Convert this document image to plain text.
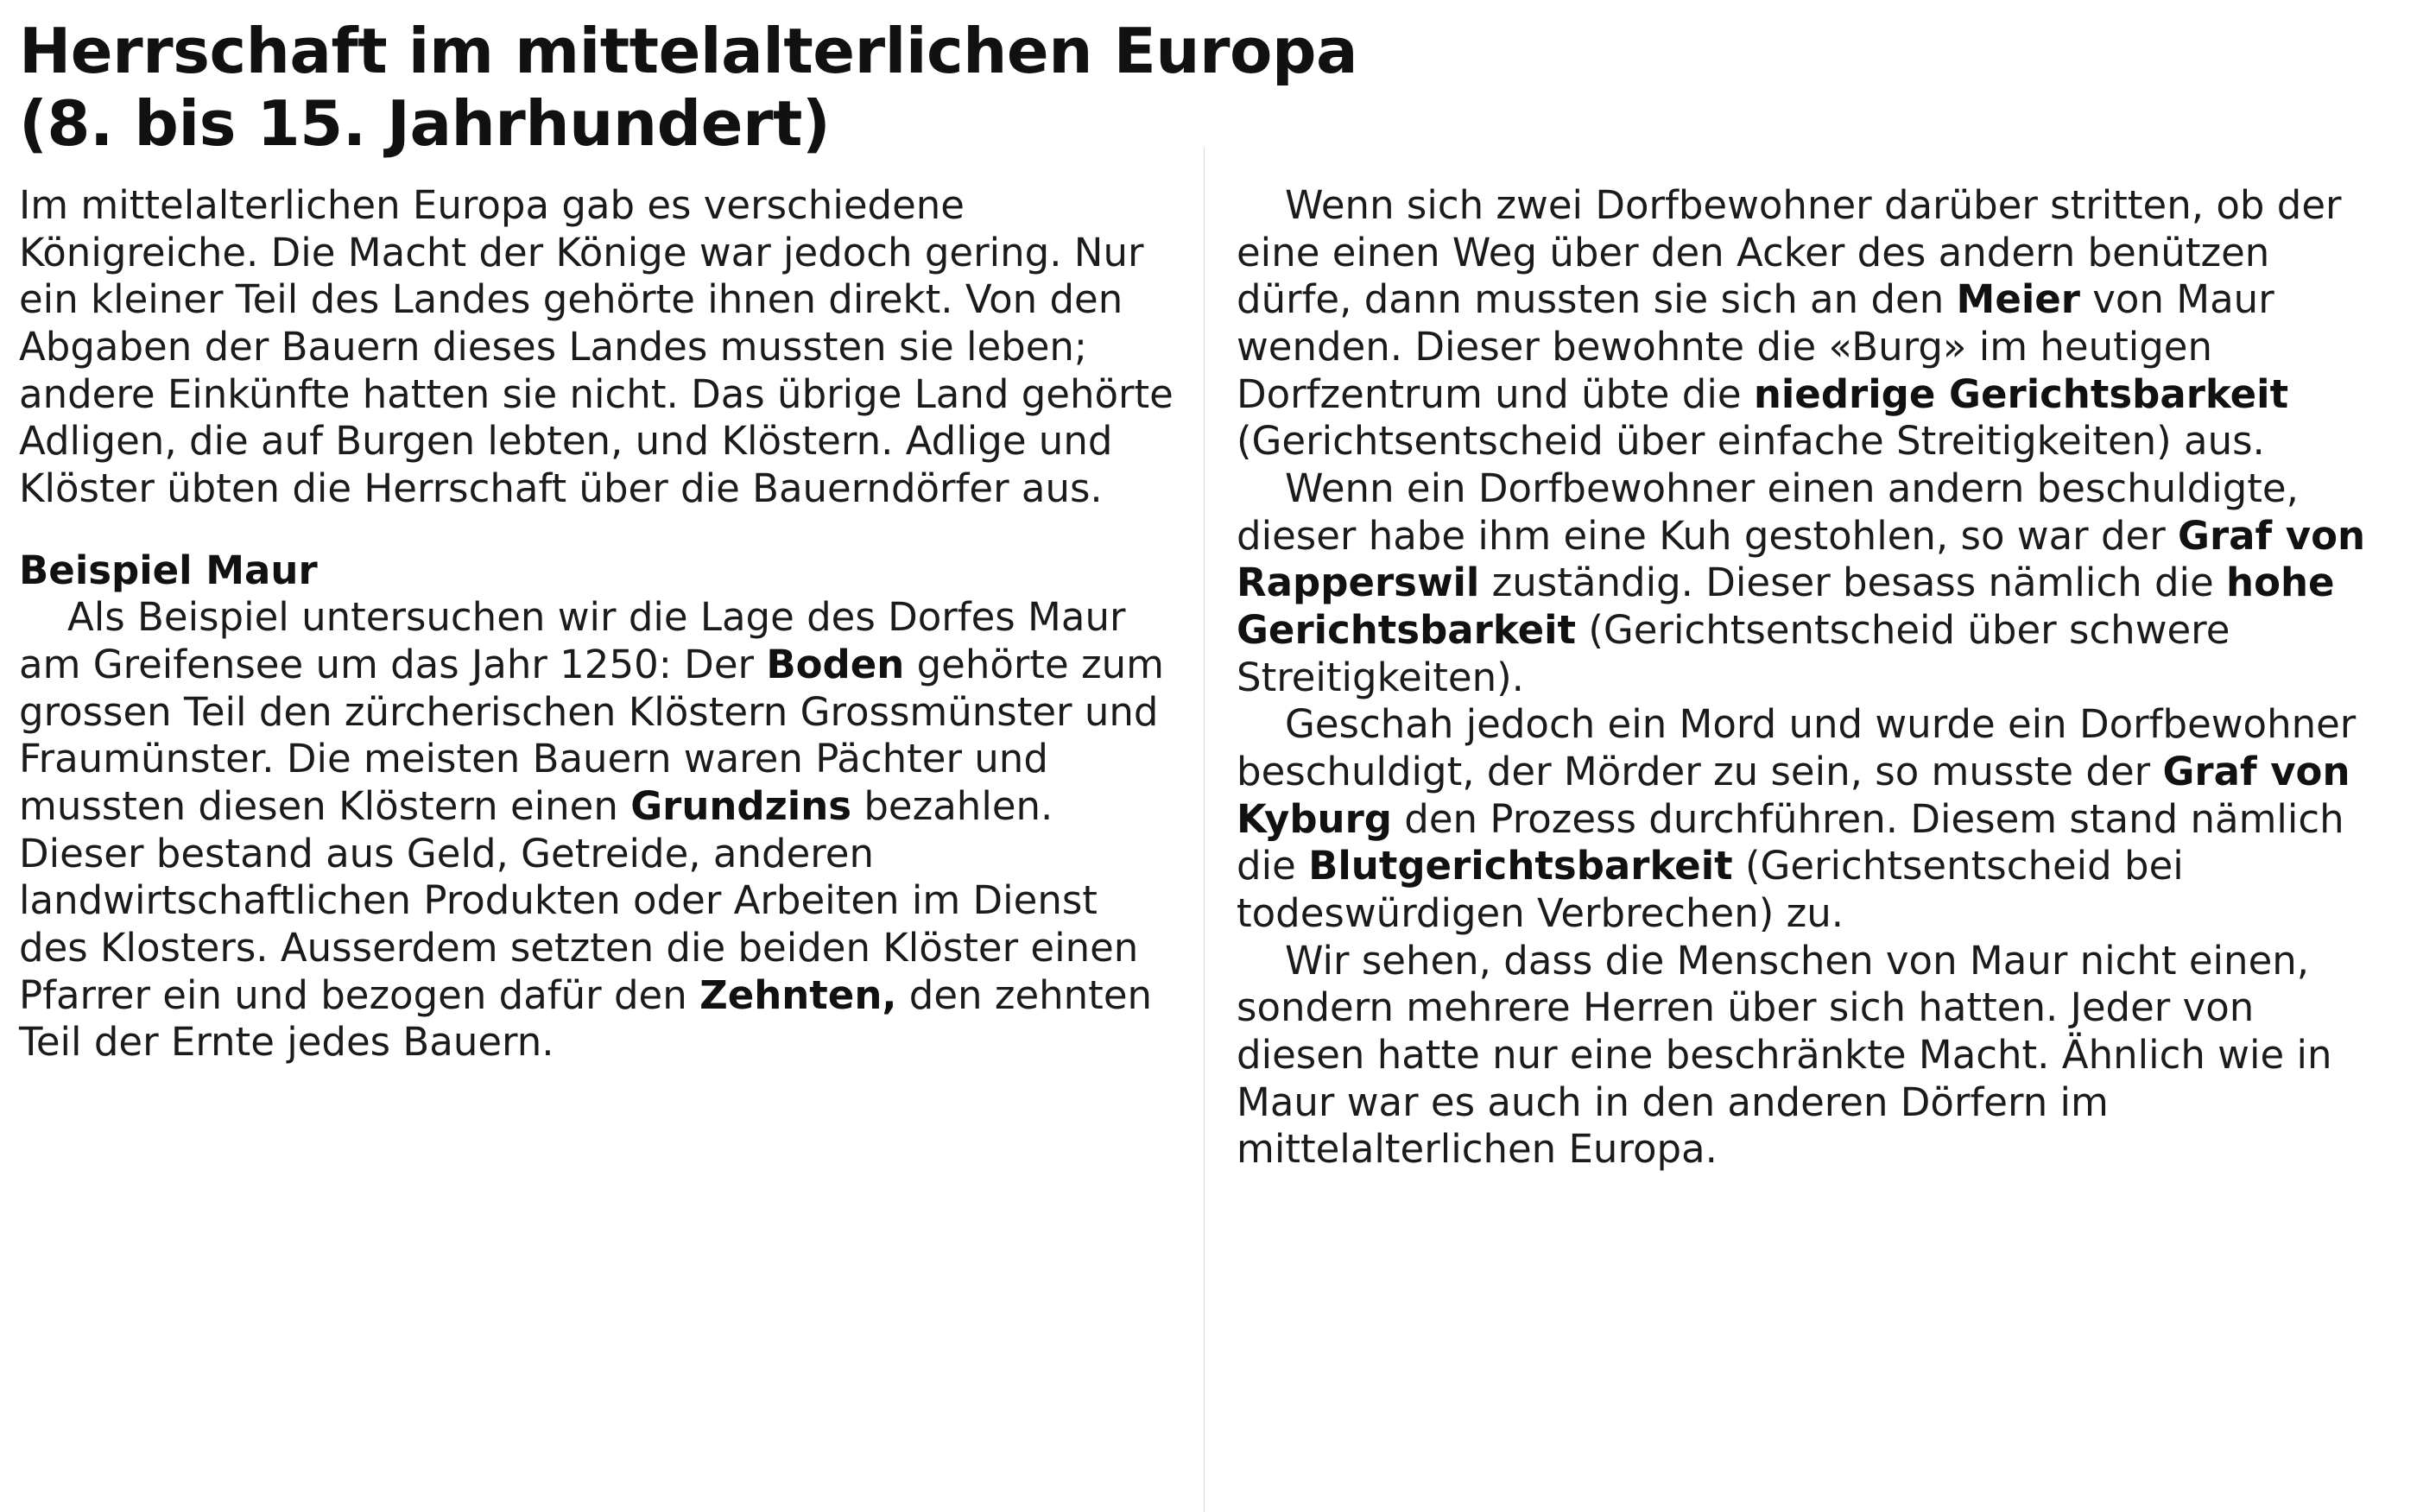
Herrschaft im mittelalterlichen Europa
(8. bis 15. Jahrhundert)

Im mittelalterlichen Europa gab es verschiedene Königreiche. Die Macht der Könige war jedoch gering. Nur ein kleiner Teil des Landes gehörte ihnen direkt. Von den Abgaben der Bauern dieses Landes mussten sie leben; andere Einkünfte hatten sie nicht. Das übrige Land gehörte Adligen, die auf Burgen lebten, und Klöstern. Adlige und Klöster übten die Herrschaft über die Bauerndörfer aus.

Beispiel Maur

Als Beispiel untersuchen wir die Lage des Dorfes Maur am Greifensee um das Jahr 1250: Der Boden gehörte zum grossen Teil den zürcherischen Klöstern Grossmünster und Fraumünster. Die meisten Bauern waren Pächter und mussten diesen Klöstern einen Grundzins bezahlen. Dieser bestand aus Geld, Getreide, anderen landwirtschaftlichen Produkten oder Arbeiten im Dienst des Klosters. Ausserdem setzten die beiden Klöster einen Pfarrer ein und bezogen dafür den Zehnten, den zehnten Teil der Ernte jedes Bauern.

Wenn sich zwei Dorfbewohner darüber stritten, ob der eine einen Weg über den Acker des andern benützen dürfe, dann mussten sie sich an den Meier von Maur wenden. Dieser bewohnte die «Burg» im heutigen Dorfzentrum und übte die niedrige Gerichtsbarkeit (Gerichtsentscheid über einfache Streitigkeiten) aus.

Wenn ein Dorfbewohner einen andern beschuldigte, dieser habe ihm eine Kuh gestohlen, so war der Graf von Rapperswil zuständig. Dieser besass nämlich die hohe Gerichtsbarkeit (Gerichtsentscheid über schwere Streitigkeiten).

Geschah jedoch ein Mord und wurde ein Dorfbewohner beschuldigt, der Mörder zu sein, so musste der Graf von Kyburg den Prozess durchführen. Diesem stand nämlich die Blutgerichtsbarkeit (Gerichtsentscheid bei todeswürdigen Verbrechen) zu.

Wir sehen, dass die Menschen von Maur nicht einen, sondern mehrere Herren über sich hatten. Jeder von diesen hatte nur eine beschränkte Macht. Ähnlich wie in Maur war es auch in den anderen Dörfern im mittelalterlichen Europa.
